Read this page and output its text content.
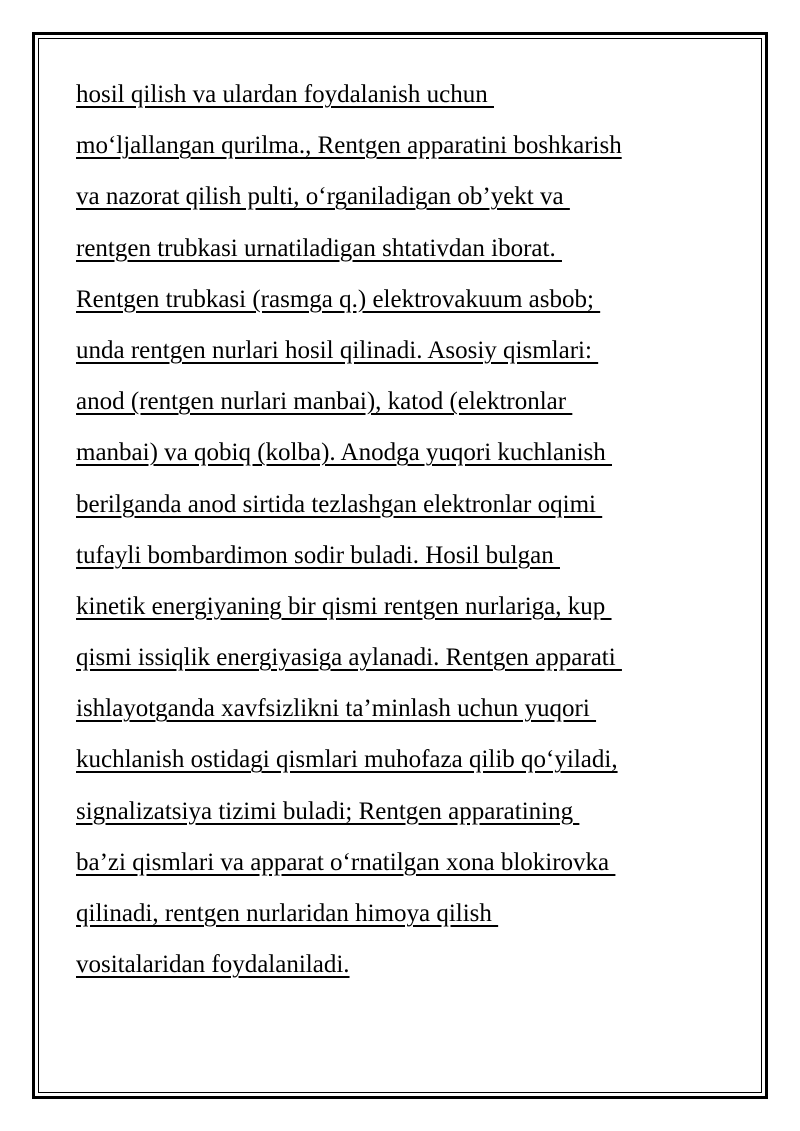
hosil qilish va ulardan foydalanish uchun
mo‘ljallangan qurilma., Rentgen apparatini boshkarish
va nazorat qilish pulti, o‘rganiladigan ob’yekt va
rentgen trubkasi urnatiladigan shtativdan iborat.
Rentgen trubkasi (rasmga q.) elektrovakuum asbob;
unda rentgen nurlari hosil qilinadi. Asosiy qismlari:
anod (rentgen nurlari manbai), katod (elektronlar
manbai) va qobiq (kolba). Anodga yuqori kuchlanish
berilganda anod sirtida tezlashgan elektronlar oqimi
tufayli bombardimon sodir buladi. Hosil bulgan
kinetik energiyaning bir qismi rentgen nurlariga, kup
qismi issiqlik energiyasiga aylanadi. Rentgen apparati
ishlayotganda xavfsizlikni ta’minlash uchun yuqori
kuchlanish ostidagi qismlari muhofaza qilib qo‘yiladi,
signalizatsiya tizimi buladi; Rentgen apparatining
ba’zi qismlari va apparat o‘rnatilgan xona blokirovka
qilinadi, rentgen nurlaridan himoya qilish
vositalaridan foydalaniladi.
